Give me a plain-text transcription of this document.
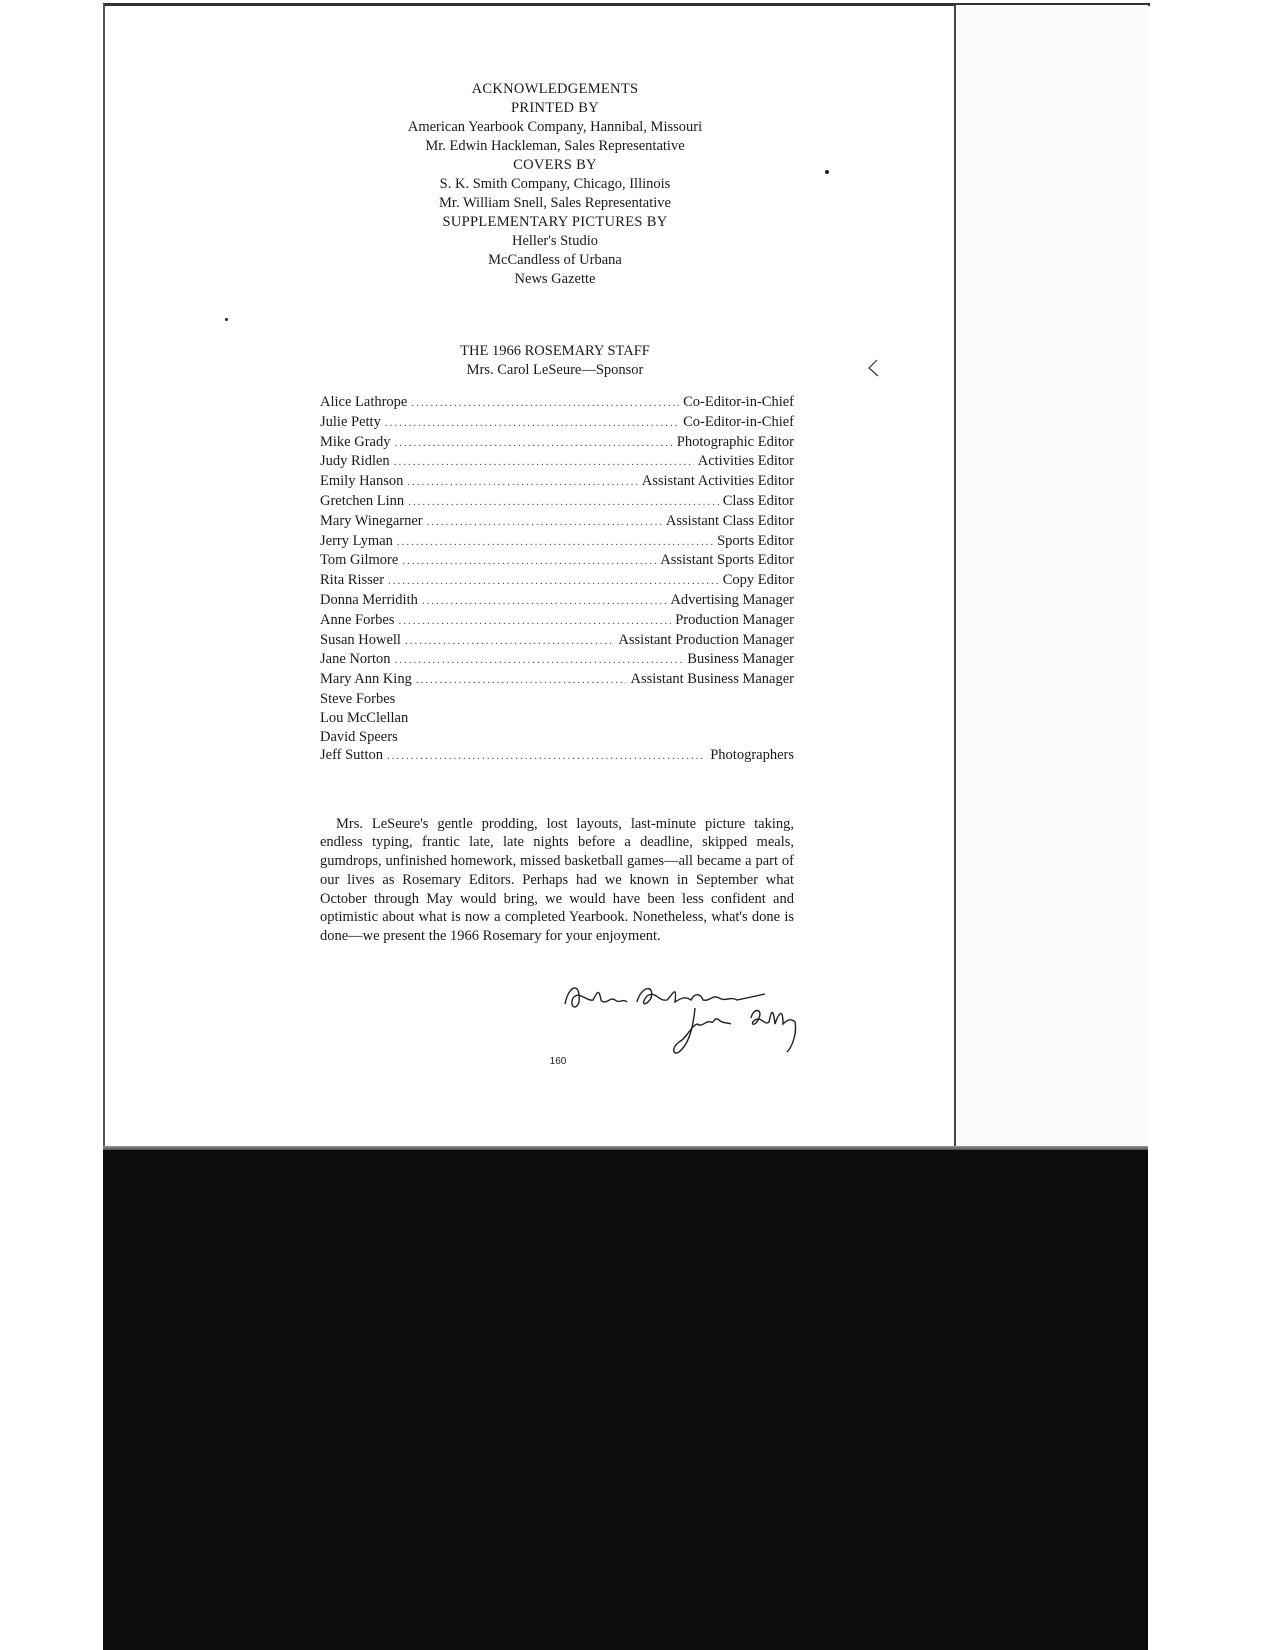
ACKNOWLEDGEMENTS
PRINTED BY
American Yearbook Company, Hannibal, Missouri
Mr. Edwin Hackleman, Sales Representative
COVERS BY
S. K. Smith Company, Chicago, Illinois
Mr. William Snell, Sales Representative
SUPPLEMENTARY PICTURES BY
Heller's Studio
McCandless of Urbana
News Gazette
THE 1966 ROSEMARY STAFF
Mrs. Carol LeSeure—Sponsor
Alice Lathrope .....	Co-Editor-in-Chief
Julie Petty .....	Co-Editor-in-Chief
Mike Grady .....	Photographic Editor
Judy Ridlen .....	Activities Editor
Emily Hanson .....	Assistant Activities Editor
Gretchen Linn .....	Class Editor
Mary Winegarner .....	Assistant Class Editor
Jerry Lyman .....	Sports Editor
Tom Gilmore .....	Assistant Sports Editor
Rita Risser .....	Copy Editor
Donna Merridith .....	Advertising Manager
Anne Forbes .....	Production Manager
Susan Howell .....	Assistant Production Manager
Jane Norton .....	Business Manager
Mary Ann King .....	Assistant Business Manager
Steve Forbes
Lou McClellan
David Speers
Jeff Sutton .....	Photographers

Mrs. LeSeure's gentle prodding, lost layouts, last-minute picture taking, endless typing, frantic late, late nights before a deadline, skipped meals, gumdrops, unfinished homework, missed basketball games—all became a part of our lives as Rosemary Editors. Perhaps had we known in September what October through May would bring, we would have been less confident and optimistic about what is now a completed Yearbook. Nonetheless, what's done is done—we present the 1966 Rosemary for your enjoyment.

160
